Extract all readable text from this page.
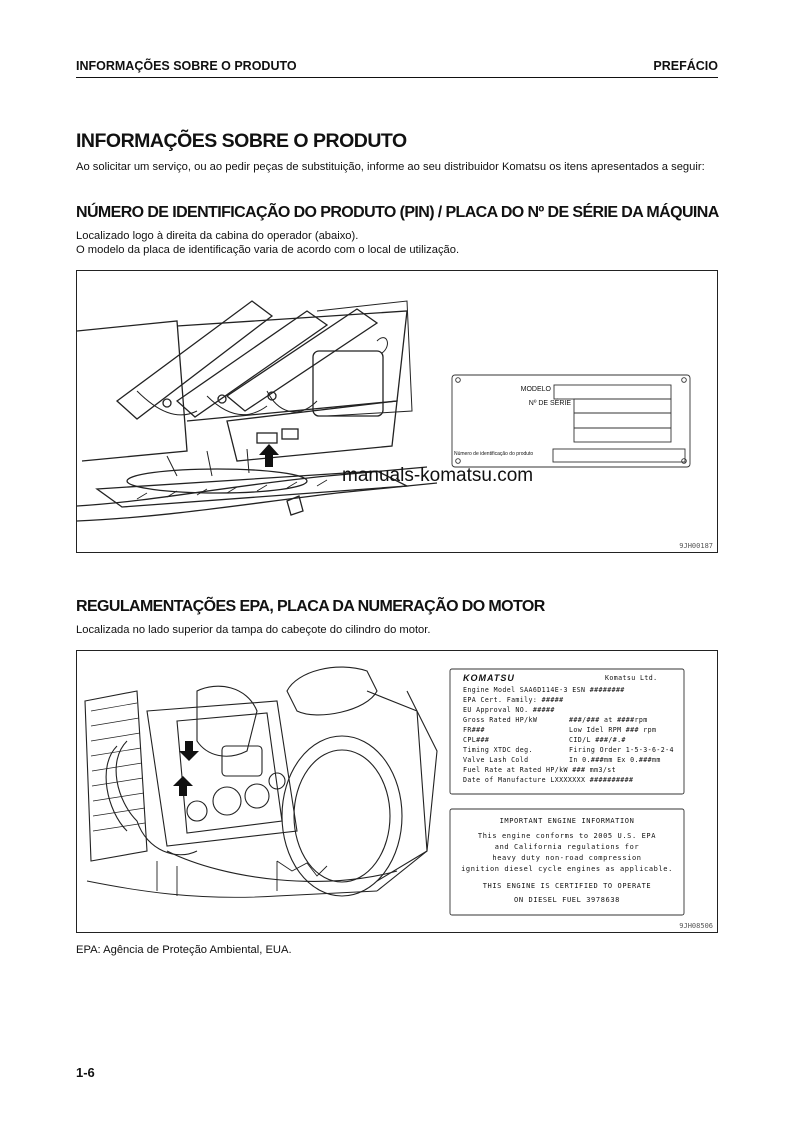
INFORMAÇÕES SOBRE O PRODUTO	PREFÁCIO
INFORMAÇÕES SOBRE O PRODUTO

Ao solicitar um serviço, ou ao pedir peças de substituição, informe ao seu distribuidor Komatsu os itens apresentados a seguir:

NÚMERO DE IDENTIFICAÇÃO DO PRODUTO (PIN) / PLACA DO Nº DE SÉRIE DA MÁQUINA

Localizado logo à direita da cabina do operador (abaixo).

O modelo da placa de identificação varia de acordo com o local de utilização.

MODELO
Nº DE SÉRIE
Número de identificação do produto
9JH00187
manuals-komatsu.com
REGULAMENTAÇÕES EPA, PLACA DA NUMERAÇÃO DO MOTOR

Localizada no lado superior da tampa do cabeçote do cilindro do motor.

KOMATSU	Komatsu Ltd.
Engine Model SAA6D114E-3 ESN ########
EPA Cert. Family: #####
EU Approval NO. #####
Gross Rated HP/kW
FR###
CPL###
Timing XTDC deg.
Valve Lash Cold
Fuel Rate at Rated HP/kW ### mm3/st
Date of Manufacture LXXXXXXX ##########
###/### at ####rpm
Low Idel RPM ### rpm
CID/L ###/#.#
Firing Order 1-5-3-6-2-4
In 0.###mm Ex 0.###mm
IMPORTANT ENGINE INFORMATION
This engine conforms to 2005 U.S. EPA
and California regulations for
heavy duty non-road compression
ignition diesel cycle engines as applicable.
THIS ENGINE IS CERTIFIED TO OPERATE
ON DIESEL FUEL 3978638
9JH08506
EPA: Agência de Proteção Ambiental, EUA.
1-6
